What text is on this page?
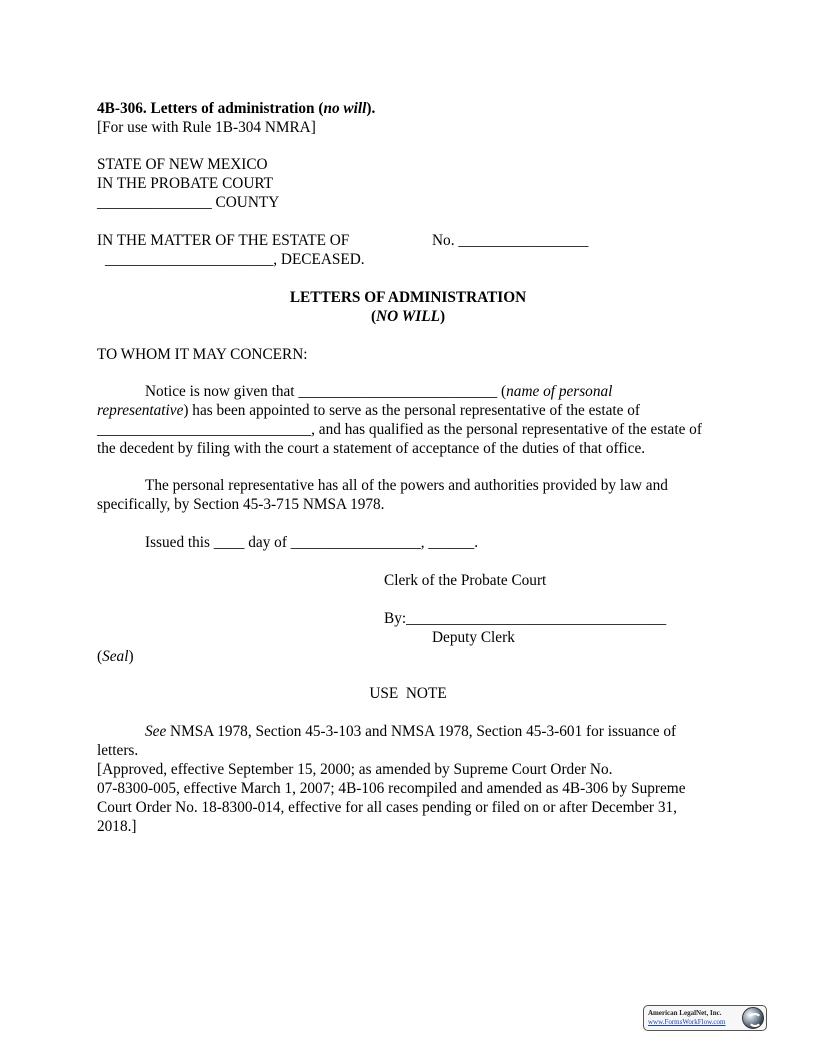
4B-306. Letters of administration (no will).
[For use with Rule 1B-304 NMRA]
STATE OF NEW MEXICO
IN THE PROBATE COURT
_______________ COUNTY
IN THE MATTER OF THE ESTATE OF	No. _________________
______________________, DECEASED.
LETTERS OF ADMINISTRATION
(NO WILL)
TO WHOM IT MAY CONCERN:
Notice is now given that __________________________ (name of personal
representative) has been appointed to serve as the personal representative of the estate of
____________________________, and has qualified as the personal representative of the estate of
the decedent by filing with the court a statement of acceptance of the duties of that office.
The personal representative has all of the powers and authorities provided by law and
specifically, by Section 45-3-715 NMSA 1978.
Issued this ____ day of _________________, ______.
Clerk of the Probate Court
By:__________________________________
Deputy Clerk
(Seal)
USE  NOTE
See NMSA 1978, Section 45-3-103 and NMSA 1978, Section 45-3-601 for issuance of
letters.
[Approved, effective September 15, 2000; as amended by Supreme Court Order No.
07-8300-005, effective March 1, 2007; 4B-106 recompiled and amended as 4B-306 by Supreme
Court Order No. 18-8300-014, effective for all cases pending or filed on or after December 31,
2018.]
American LegalNet, Inc.
www.FormsWorkFlow.com
